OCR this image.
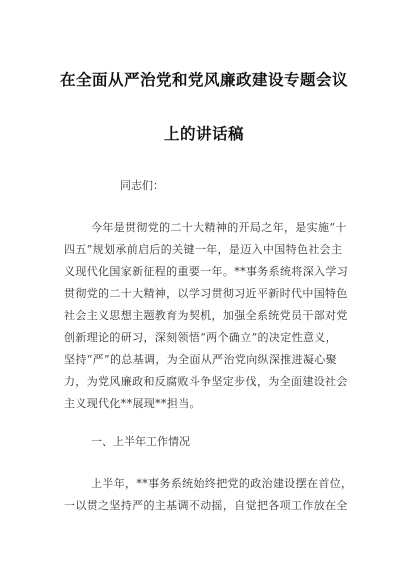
在全面从严治党和党风廉政建设专题会议
上的讲话稿
同志们：
今年是贯彻党的二十大精神的开局之年，是实施“十
四五”规划承前启后的关键一年，是迈入中国特色社会主
义现代化国家新征程的重要一年。**事务系统将深入学习
贯彻党的二十大精神，以学习贯彻习近平新时代中国特色
社会主义思想主题教育为契机，加强全系统党员干部对党
创新理论的研习，深刻领悟“两个确立”的决定性意义，
坚持“严”的总基调，为全面从严治党向纵深推进凝心聚
力，为党风廉政和反腐败斗争坚定步伐，为全面建设社会
主义现代化**展现**担当。
一、上半年工作情况
上半年，**事务系统始终把党的政治建设摆在首位，
一以贯之坚持严的主基调不动摇，自觉把各项工作放在全
